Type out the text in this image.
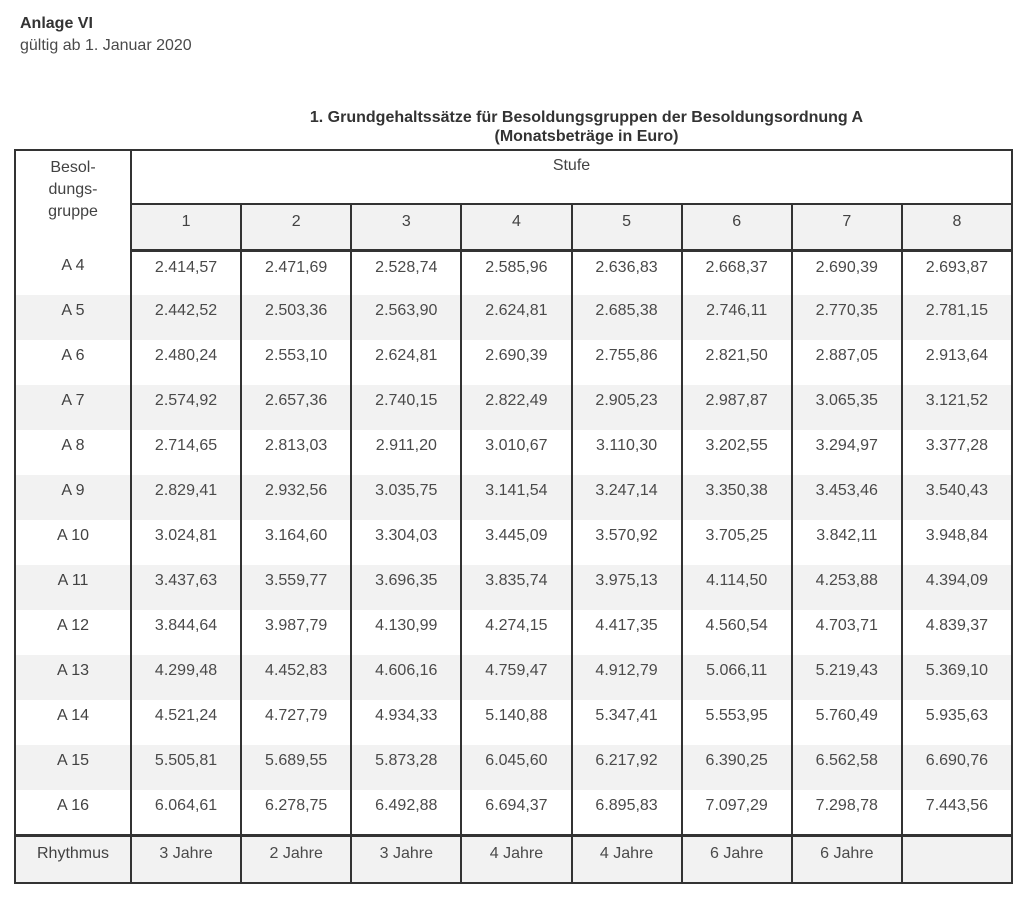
Anlage VI
gültig ab 1. Januar 2020
1. Grundgehaltssätze für Besoldungsgruppen der Besoldungsordnung A
(Monatsbeträge in Euro)
Besol-
dungs-
gruppe	Stufe							
	1	2	3	4	5	6	7	8
A 4	2.414,57	2.471,69	2.528,74	2.585,96	2.636,83	2.668,37	2.690,39	2.693,87
A 5	2.442,52	2.503,36	2.563,90	2.624,81	2.685,38	2.746,11	2.770,35	2.781,15
A 6	2.480,24	2.553,10	2.624,81	2.690,39	2.755,86	2.821,50	2.887,05	2.913,64
A 7	2.574,92	2.657,36	2.740,15	2.822,49	2.905,23	2.987,87	3.065,35	3.121,52
A 8	2.714,65	2.813,03	2.911,20	3.010,67	3.110,30	3.202,55	3.294,97	3.377,28
A 9	2.829,41	2.932,56	3.035,75	3.141,54	3.247,14	3.350,38	3.453,46	3.540,43
A 10	3.024,81	3.164,60	3.304,03	3.445,09	3.570,92	3.705,25	3.842,11	3.948,84
A 11	3.437,63	3.559,77	3.696,35	3.835,74	3.975,13	4.114,50	4.253,88	4.394,09
A 12	3.844,64	3.987,79	4.130,99	4.274,15	4.417,35	4.560,54	4.703,71	4.839,37
A 13	4.299,48	4.452,83	4.606,16	4.759,47	4.912,79	5.066,11	5.219,43	5.369,10
A 14	4.521,24	4.727,79	4.934,33	5.140,88	5.347,41	5.553,95	5.760,49	5.935,63
A 15	5.505,81	5.689,55	5.873,28	6.045,60	6.217,92	6.390,25	6.562,58	6.690,76
A 16	6.064,61	6.278,75	6.492,88	6.694,37	6.895,83	7.097,29	7.298,78	7.443,56
Rhythmus	3 Jahre	2 Jahre	3 Jahre	4 Jahre	4 Jahre	6 Jahre	6 Jahre	
